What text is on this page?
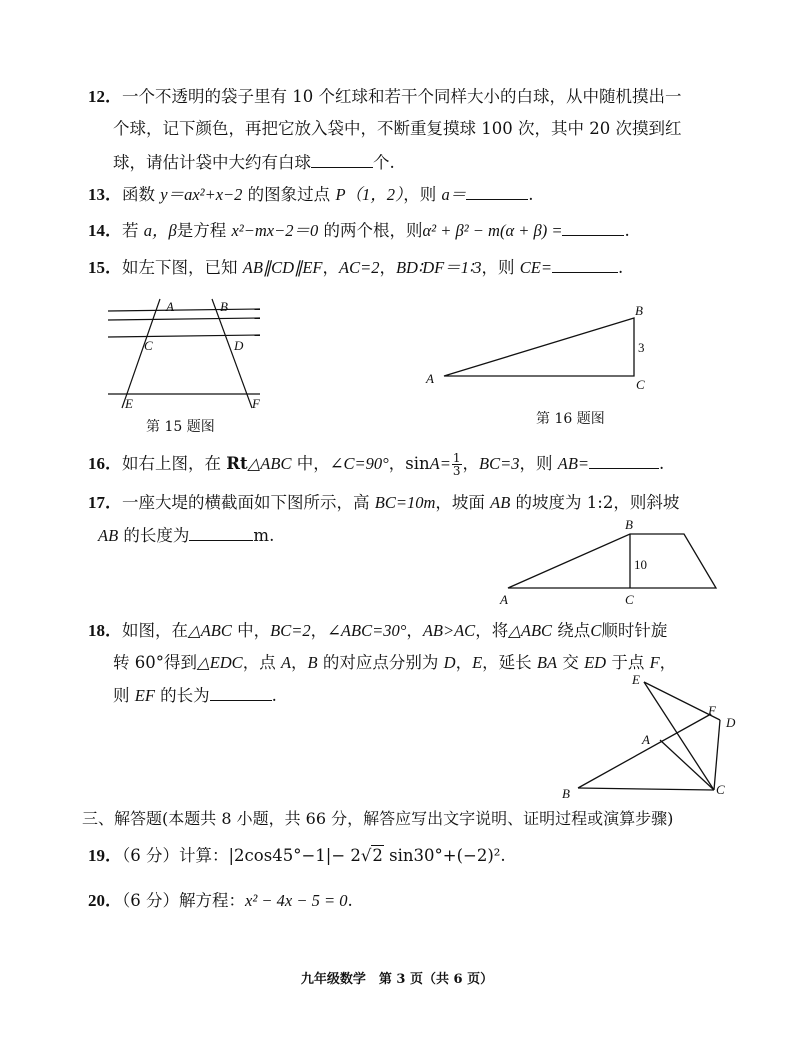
12．一个不透明的袋子里有 10 个红球和若干个同样大小的白球，从中随机摸出一
个球，记下颜色，再把它放入袋中，不断重复摸球 100 次，其中 20 次摸到红
球，请估计袋中大约有白球	个.
13．函数 y＝ax²+x−2 的图象过点 P（1，2），则 a＝	.
14．若 a，β是方程 x²−mx−2＝0 的两个根，则α² + β² − m(α + β) =	.
15．如左下图，已知 AB∥CD∥EF，AC=2，BD∶DF＝1∶3，则 CE=	.
A	B
C	D
E	F
第 15 题图
A
B
C
3
第 16 题图
16．如右上图，在 Rt△ABC 中，∠C=90°，$\sin A= \frac{1}{3}$ ，BC=3，则 AB=	.
17．一座大堤的横截面如下图所示，高 BC=10m，坡面 AB 的坡度为 1:2，则斜坡
AB 的长度为	m.
A
B
C
10
18．如图，在△ABC 中，BC=2，∠ABC=30°，AB>AC，将△ABC 绕点C顺时针旋
转 60°得到△EDC，点 A，B 的对应点分别为 D，E，延长 BA 交 ED 于点 F，
则 EF 的长为	.
E
F
D
A
B	C
三、解答题(本题共 8 小题，共 66 分，解答应写出文字说明、证明过程或演算步骤)
19．（6 分）计算：|2cos45°−1|− 2√2 sin30°+(−2)².
20．（6 分）解方程：x² − 4x − 5 = 0.
九年级数学　第 3 页（共 6 页）
